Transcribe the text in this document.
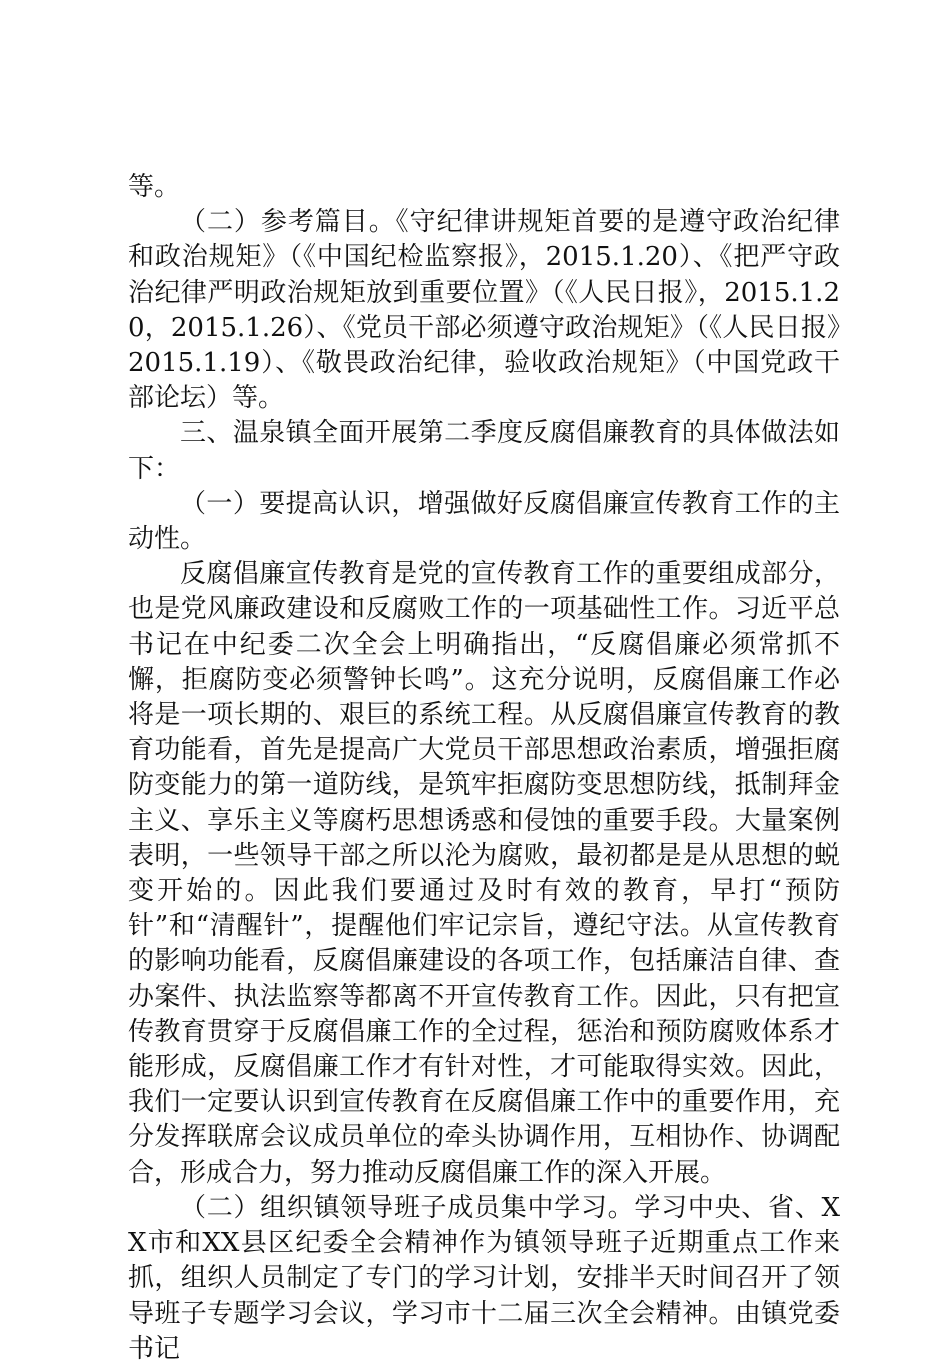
等。

（二）参考篇目。《守纪律讲规矩首要的是遵守政治纪律和政治规矩》（《中国纪检监察报》，2015.1.20）、《把严守政治纪律严明政治规矩放到重要位置》（《人民日报》，2015.1.20，2015.1.26）、《党员干部必须遵守政治规矩》（《人民日报》2015.1.19）、《敬畏政治纪律，验收政治规矩》（中国党政干部论坛）等。

三、温泉镇全面开展第二季度反腐倡廉教育的具体做法如下：

（一）要提高认识，增强做好反腐倡廉宣传教育工作的主动性。

反腐倡廉宣传教育是党的宣传教育工作的重要组成部分，也是党风廉政建设和反腐败工作的一项基础性工作。习近平总书记在中纪委二次全会上明确指出，“反腐倡廉必须常抓不懈，拒腐防变必须警钟长鸣”。这充分说明，反腐倡廉工作必将是一项长期的、艰巨的系统工程。从反腐倡廉宣传教育的教育功能看，首先是提高广大党员干部思想政治素质，增强拒腐防变能力的第一道防线，是筑牢拒腐防变思想防线，抵制拜金主义、享乐主义等腐朽思想诱惑和侵蚀的重要手段。大量案例表明，一些领导干部之所以沦为腐败，最初都是是从思想的蜕变开始的。因此我们要通过及时有效的教育，早打“预防针”和“清醒针”，提醒他们牢记宗旨，遵纪守法。从宣传教育的影响功能看，反腐倡廉建设的各项工作，包括廉洁自律、查办案件、执法监察等都离不开宣传教育工作。因此，只有把宣传教育贯穿于反腐倡廉工作的全过程，惩治和预防腐败体系才能形成，反腐倡廉工作才有针对性，才可能取得实效。因此，我们一定要认识到宣传教育在反腐倡廉工作中的重要作用，充分发挥联席会议成员单位的牵头协调作用，互相协作、协调配合，形成合力，努力推动反腐倡廉工作的深入开展。

（二）组织镇领导班子成员集中学习。学习中央、省、XX市和XX县区纪委全会精神作为镇领导班子近期重点工作来抓，组织人员制定了专门的学习计划，安排半天时间召开了领导班子专题学习会议，学习市十二届三次全会精神。由镇党委书记
